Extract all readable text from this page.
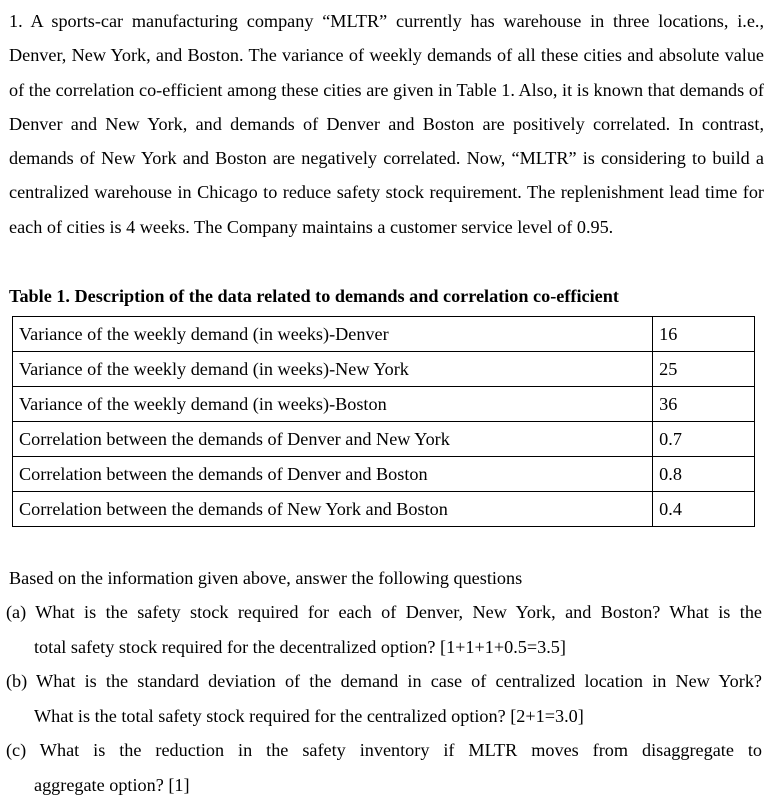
1. A sports-car manufacturing company “MLTR” currently has warehouse in three locations, i.e., Denver, New York, and Boston. The variance of weekly demands of all these cities and absolute value of the correlation co-efficient among these cities are given in Table 1. Also, it is known that demands of Denver and New York, and demands of Denver and Boston are positively correlated. In contrast, demands of New York and Boston are negatively correlated. Now, “MLTR” is considering to build a centralized warehouse in Chicago to reduce safety stock requirement. The replenishment lead time for each of cities is 4 weeks. The Company maintains a customer service level of 0.95.

Table 1. Description of the data related to demands and correlation co-efficient

Variance of the weekly demand (in weeks)-Denver	16
Variance of the weekly demand (in weeks)-New York	25
Variance of the weekly demand (in weeks)-Boston	36
Correlation between the demands of Denver and New York	0.7
Correlation between the demands of Denver and Boston	0.8
Correlation between the demands of New York and Boston	0.4

Based on the information given above, answer the following questions

(a) What is the safety stock required for each of Denver, New York, and Boston? What is the
total safety stock required for the decentralized option? [1+1+1+0.5=3.5]
(b) What is the standard deviation of the demand in case of centralized location in New York?
What is the total safety stock required for the centralized option? [2+1=3.0]
(c) What is the reduction in the safety inventory if MLTR moves from disaggregate to
aggregate option? [1]
